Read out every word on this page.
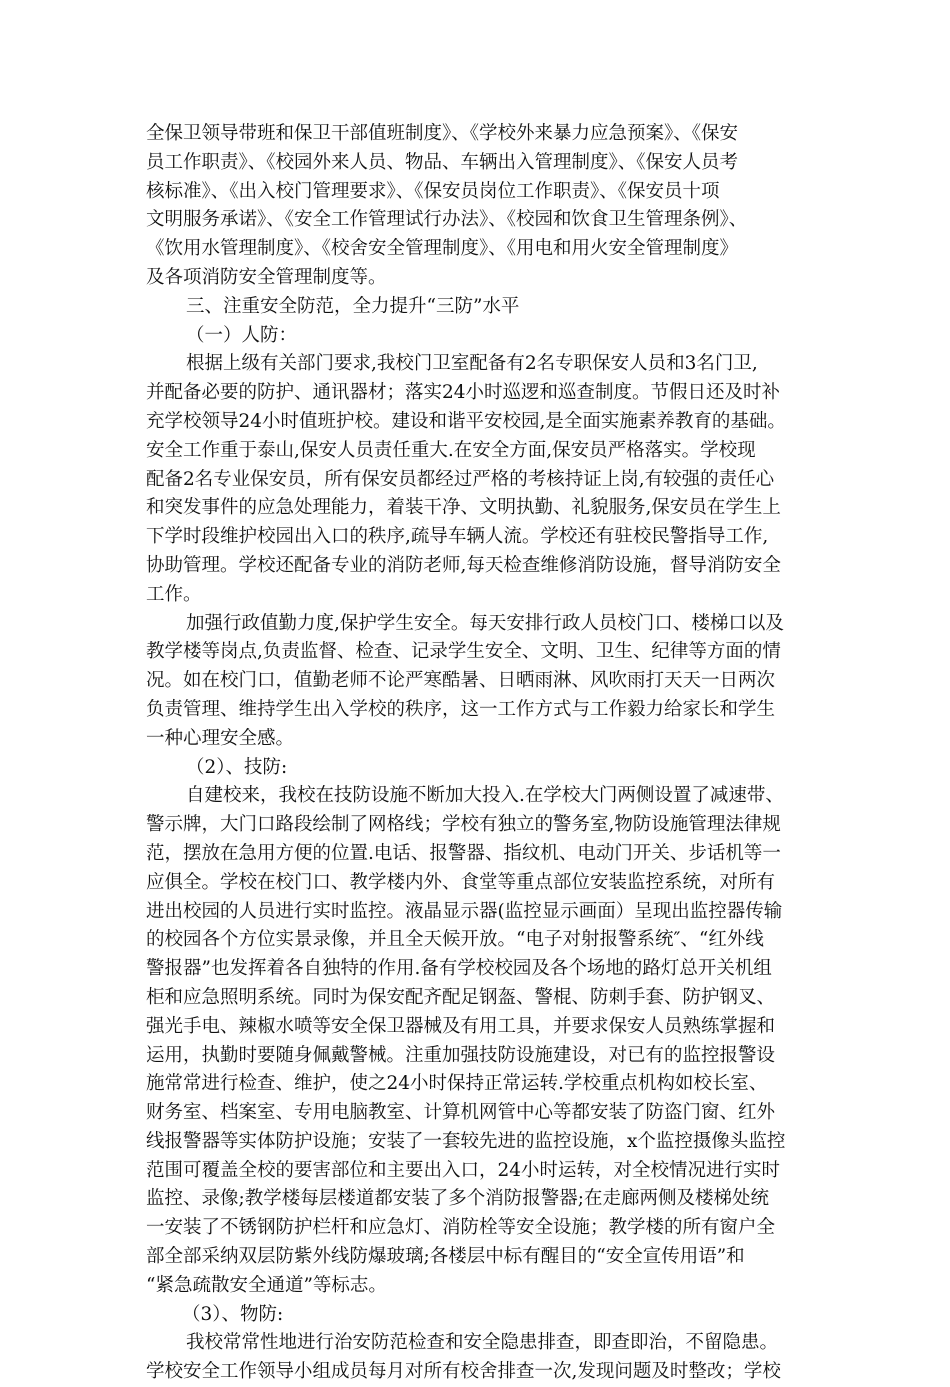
全保卫领导带班和保卫干部值班制度》、《学校外来暴力应急预案》、《保安
员工作职责》、《校园外来人员、物品、车辆出入管理制度》、《保安人员考
核标准》、《出入校门管理要求》、《保安员岗位工作职责》、《保安员十项
文明服务承诺》、《安全工作管理试行办法》、《校园和饮食卫生管理条例》、
《饮用水管理制度》、《校舍安全管理制度》、《用电和用火安全管理制度》
及各项消防安全管理制度等。
三、注重安全防范，全力提升“三防”水平
（一）人防：
根据上级有关部门要求,我校门卫室配备有2名专职保安人员和3名门卫,
并配备必要的防护、通讯器材；落实24小时巡逻和巡查制度。节假日还及时补
充学校领导24小时值班护校。建设和谐平安校园,是全面实施素养教育的基础。
安全工作重于泰山,保安人员责任重大.在安全方面,保安员严格落实。学校现
配备2名专业保安员，所有保安员都经过严格的考核持证上岗,有较强的责任心
和突发事件的应急处理能力，着装干净、文明执勤、礼貌服务,保安员在学生上
下学时段维护校园出入口的秩序,疏导车辆人流。学校还有驻校民警指导工作,
协助管理。学校还配备专业的消防老师,每天检查维修消防设施，督导消防安全
工作。
加强行政值勤力度,保护学生安全。每天安排行政人员校门口、楼梯口以及
教学楼等岗点,负责监督、检查、记录学生安全、文明、卫生、纪律等方面的情
况。如在校门口，值勤老师不论严寒酷暑、日晒雨淋、风吹雨打天天一日两次
负责管理、维持学生出入学校的秩序，这一工作方式与工作毅力给家长和学生
一种心理安全感。
（2）、技防:
自建校来，我校在技防设施不断加大投入.在学校大门两侧设置了减速带、
警示牌，大门口路段绘制了网格线；学校有独立的警务室,物防设施管理法律规
范，摆放在急用方便的位置.电话、报警器、指纹机、电动门开关、步话机等一
应俱全。学校在校门口、教学楼内外、食堂等重点部位安装监控系统，对所有
进出校园的人员进行实时监控。液晶显示器(监控显示画面）呈现出监控器传输
的校园各个方位实景录像，并且全天候开放。“电子对射报警系统″、“红外线
警报器”也发挥着各自独特的作用.备有学校校园及各个场地的路灯总开关机组
柜和应急照明系统。同时为保安配齐配足钢盔、警棍、防刺手套、防护钢叉、
强光手电、辣椒水喷等安全保卫器械及有用工具，并要求保安人员熟练掌握和
运用，执勤时要随身佩戴警械。注重加强技防设施建设，对已有的监控报警设
施常常进行检查、维护，使之24小时保持正常运转.学校重点机构如校长室、
财务室、档案室、专用电脑教室、计算机网管中心等都安装了防盗门窗、红外
线报警器等实体防护设施；安装了一套较先进的监控设施，x个监控摄像头监控
范围可覆盖全校的要害部位和主要出入口，24小时运转，对全校情况进行实时
监控、录像;教学楼每层楼道都安装了多个消防报警器;在走廊两侧及楼梯处统
一安装了不锈钢防护栏杆和应急灯、消防栓等安全设施；教学楼的所有窗户全
部全部采纳双层防紫外线防爆玻璃;各楼层中标有醒目的“安全宣传用语”和
“紧急疏散安全通道”等标志。
（3）、物防:
我校常常性地进行治安防范检查和安全隐患排查，即查即治，不留隐患。
学校安全工作领导小组成员每月对所有校舍排查一次,发现问题及时整改；学校
